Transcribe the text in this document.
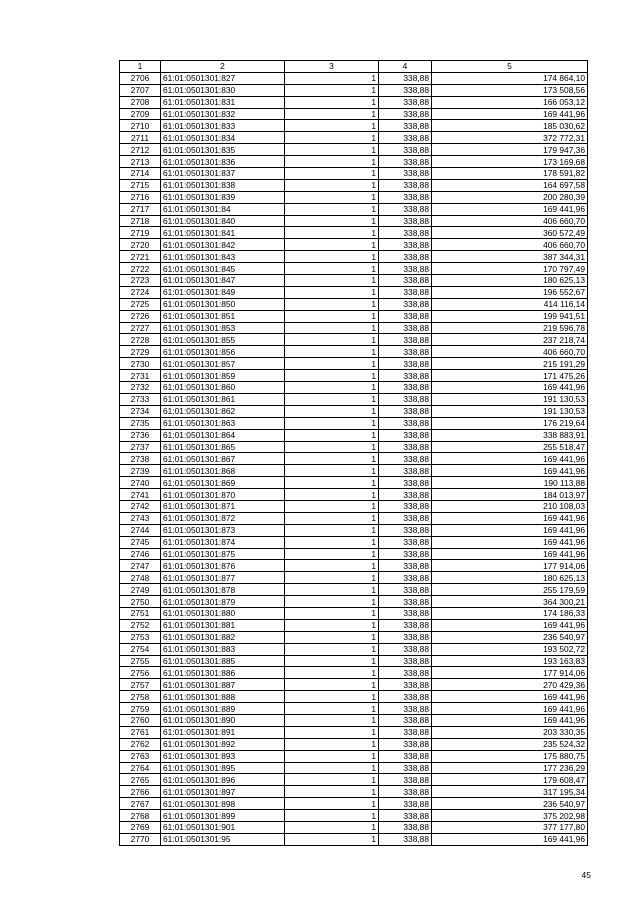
1	2	3	4	5
2706	61:01:0501301:827	1	338,88	174 864,10
2707	61:01:0501301:830	1	338,88	173 508,56
2708	61:01:0501301:831	1	338,88	166 053,12
2709	61:01:0501301:832	1	338,88	169 441,96
2710	61:01:0501301:833	1	338,88	185 030,62
2711	61:01:0501301:834	1	338,88	372 772,31
2712	61:01:0501301:835	1	338,88	179 947,36
2713	61:01:0501301:836	1	338,88	173 169,68
2714	61:01:0501301:837	1	338,88	178 591,82
2715	61:01:0501301:838	1	338,88	164 697,58
2716	61:01:0501301:839	1	338,88	200 280,39
2717	61:01:0501301:84	1	338,88	169 441,96
2718	61:01:0501301:840	1	338,88	406 660,70
2719	61:01:0501301:841	1	338,88	360 572,49
2720	61:01:0501301:842	1	338,88	406 660,70
2721	61:01:0501301:843	1	338,88	387 344,31
2722	61:01:0501301:845	1	338,88	170 797,49
2723	61:01:0501301:847	1	338,88	180 625,13
2724	61:01:0501301:849	1	338,88	196 552,67
2725	61:01:0501301:850	1	338,88	414 116,14
2726	61:01:0501301:851	1	338,88	199 941,51
2727	61:01:0501301:853	1	338,88	219 596,78
2728	61:01:0501301:855	1	338,88	237 218,74
2729	61:01:0501301:856	1	338,88	406 660,70
2730	61:01:0501301:857	1	338,88	215 191,29
2731	61:01:0501301:859	1	338,88	171 475,26
2732	61:01:0501301:860	1	338,88	169 441,96
2733	61:01:0501301:861	1	338,88	191 130,53
2734	61:01:0501301:862	1	338,88	191 130,53
2735	61:01:0501301:863	1	338,88	176 219,64
2736	61:01:0501301:864	1	338,88	338 883,91
2737	61:01:0501301:865	1	338,88	255 518,47
2738	61:01:0501301:867	1	338,88	169 441,96
2739	61:01:0501301:868	1	338,88	169 441,96
2740	61:01:0501301:869	1	338,88	190 113,88
2741	61:01:0501301:870	1	338,88	184 013,97
2742	61:01:0501301:871	1	338,88	210 108,03
2743	61:01:0501301:872	1	338,88	169 441,96
2744	61:01:0501301:873	1	338,88	169 441,96
2745	61:01:0501301:874	1	338,88	169 441,96
2746	61:01:0501301:875	1	338,88	169 441,96
2747	61:01:0501301:876	1	338,88	177 914,06
2748	61:01:0501301:877	1	338,88	180 625,13
2749	61:01:0501301:878	1	338,88	255 179,59
2750	61:01:0501301:879	1	338,88	364 300,21
2751	61:01:0501301:880	1	338,88	174 186,33
2752	61:01:0501301:881	1	338,88	169 441,96
2753	61:01:0501301:882	1	338,88	236 540,97
2754	61:01:0501301:883	1	338,88	193 502,72
2755	61:01:0501301:885	1	338,88	193 163,83
2756	61:01:0501301:886	1	338,88	177 914,06
2757	61:01:0501301:887	1	338,88	270 429,36
2758	61:01:0501301:888	1	338,88	169 441,96
2759	61:01:0501301:889	1	338,88	169 441,96
2760	61:01:0501301:890	1	338,88	169 441,96
2761	61:01:0501301:891	1	338,88	203 330,35
2762	61:01:0501301:892	1	338,88	235 524,32
2763	61:01:0501301:893	1	338,88	175 880,75
2764	61:01:0501301:895	1	338,88	177 236,29
2765	61:01:0501301:896	1	338,88	179 608,47
2766	61:01:0501301:897	1	338,88	317 195,34
2767	61:01:0501301:898	1	338,88	236 540,97
2768	61:01:0501301:899	1	338,88	375 202,98
2769	61:01:0501301:901	1	338,88	377 177,80
2770	61:01:0501301:95	1	338,88	169 441,96
45
